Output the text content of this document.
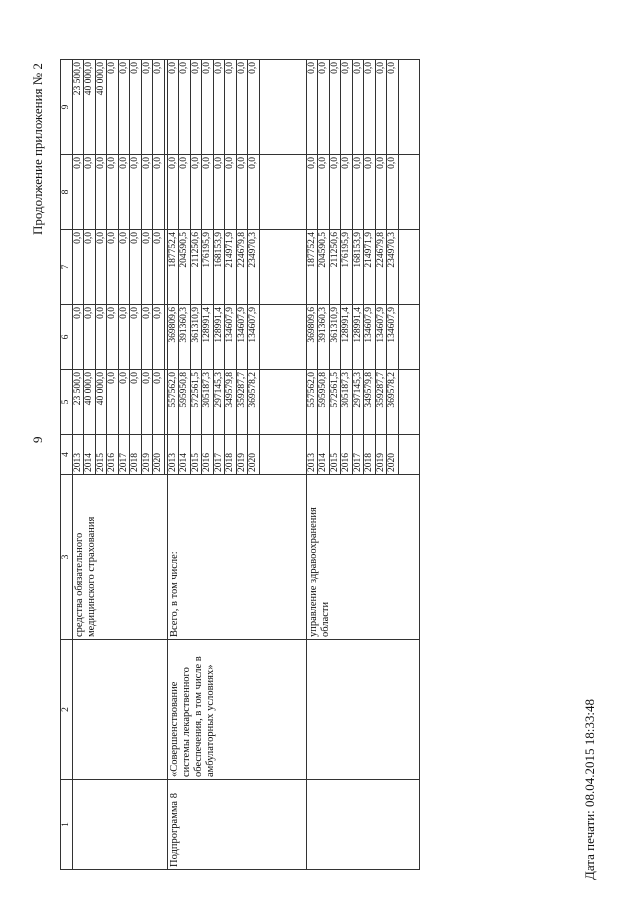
9
Продолжение приложения № 2
1	2	3	4	5	6	7	8	9
		средства обязательного медицинского страхования	2013	23 500,0	0,0	0,0	0,0	23 500,0
			2014	40 000,0	0,0	0,0	0,0	40 000,0
			2015	40 000,0	0,0	0,0	0,0	40 000,0
			2016	0,0	0,0	0,0	0,0	0,0
			2017	0,0	0,0	0,0	0,0	0,0
			2018	0,0	0,0	0,0	0,0	0,0
			2019	0,0	0,0	0,0	0,0	0,0
			2020	0,0	0,0	0,0	0,0	0,0

Подпрограмма 8	«Совершенствование системы лекарственного обеспечения, в том числе в амбулаторных условиях»	Всего, в том числе:	2013	557562,0	369809,6	187752,4	0,0	0,0
			2014	595950,8	391360,3	204590,5	0,0	0,0
			2015	572561,5	361310,9	211250,6	0,0	0,0
			2016	305187,3	128991,4	176195,9	0,0	0,0
			2017	297145,3	128991,4	168153,9	0,0	0,0
			2018	349579,8	134607,9	214971,9	0,0	0,0
			2019	359287,7	134607,9	224679,8	0,0	0,0
			2020	369578,2	134607,9	234970,3	0,0	0,0

		управление здравоохранения области	2013	557562,0	369809,6	187752,4	0,0	0,0
			2014	595950,8	391360,3	204590,5	0,0	0,0
			2015	572561,5	361310,9	211250,6	0,0	0,0
			2016	305187,3	128991,4	176195,9	0,0	0,0
			2017	297145,3	128991,4	168153,9	0,0	0,0
			2018	349579,8	134607,9	214971,9	0,0	0,0
			2019	359287,7	134607,9	224679,8	0,0	0,0
			2020	369578,2	134607,9	234970,3	0,0	0,0

Дата печати: 08.04.2015 18:33:48
